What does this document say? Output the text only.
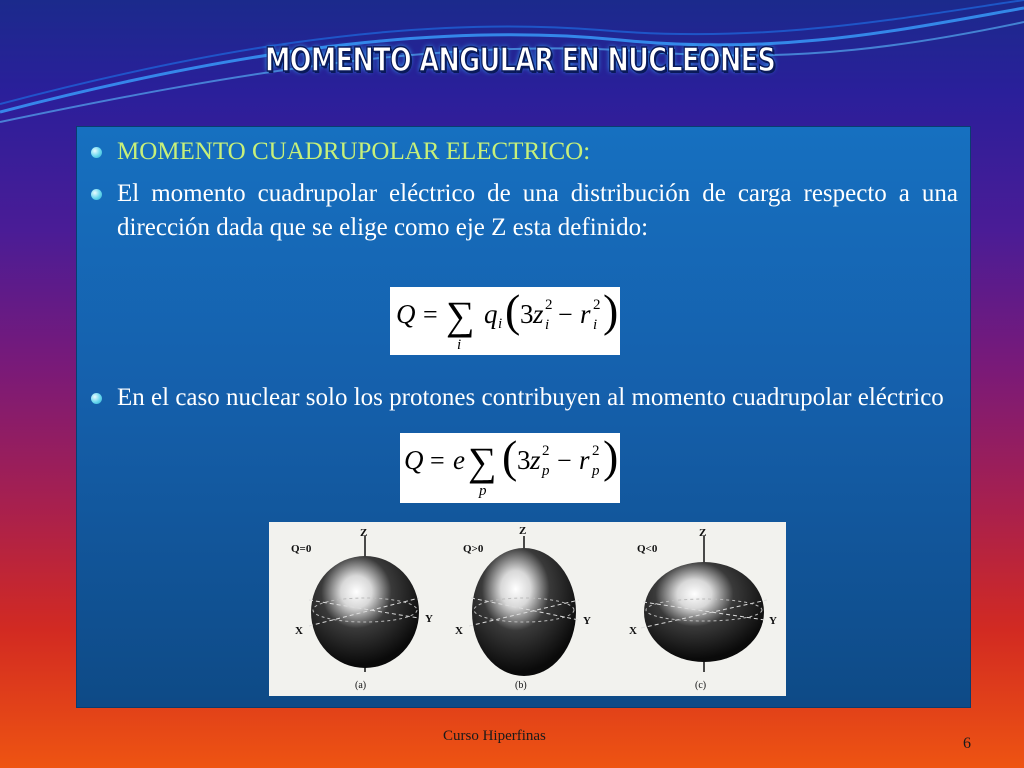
MOMENTO ANGULAR EN NUCLEONES
MOMENTO CUADRUPOLAR ELECTRICO:
El momento cuadrupolar eléctrico de una distribución de carga respecto a una dirección dada que se elige como eje Z esta definido:
Q = ∑
i
q i ( 3 z 2
i − r 2
i )
En el caso nuclear solo los protones contribuyen al momento cuadrupolar eléctrico
Q = e ∑
p
( 3 z 2
p − r 2
p )
Q=0
Z
X
Y
(a)
Q>0
Z
X
Y
(b)
Q<0
Z
X
Y
(c)
Curso Hiperfinas	6
